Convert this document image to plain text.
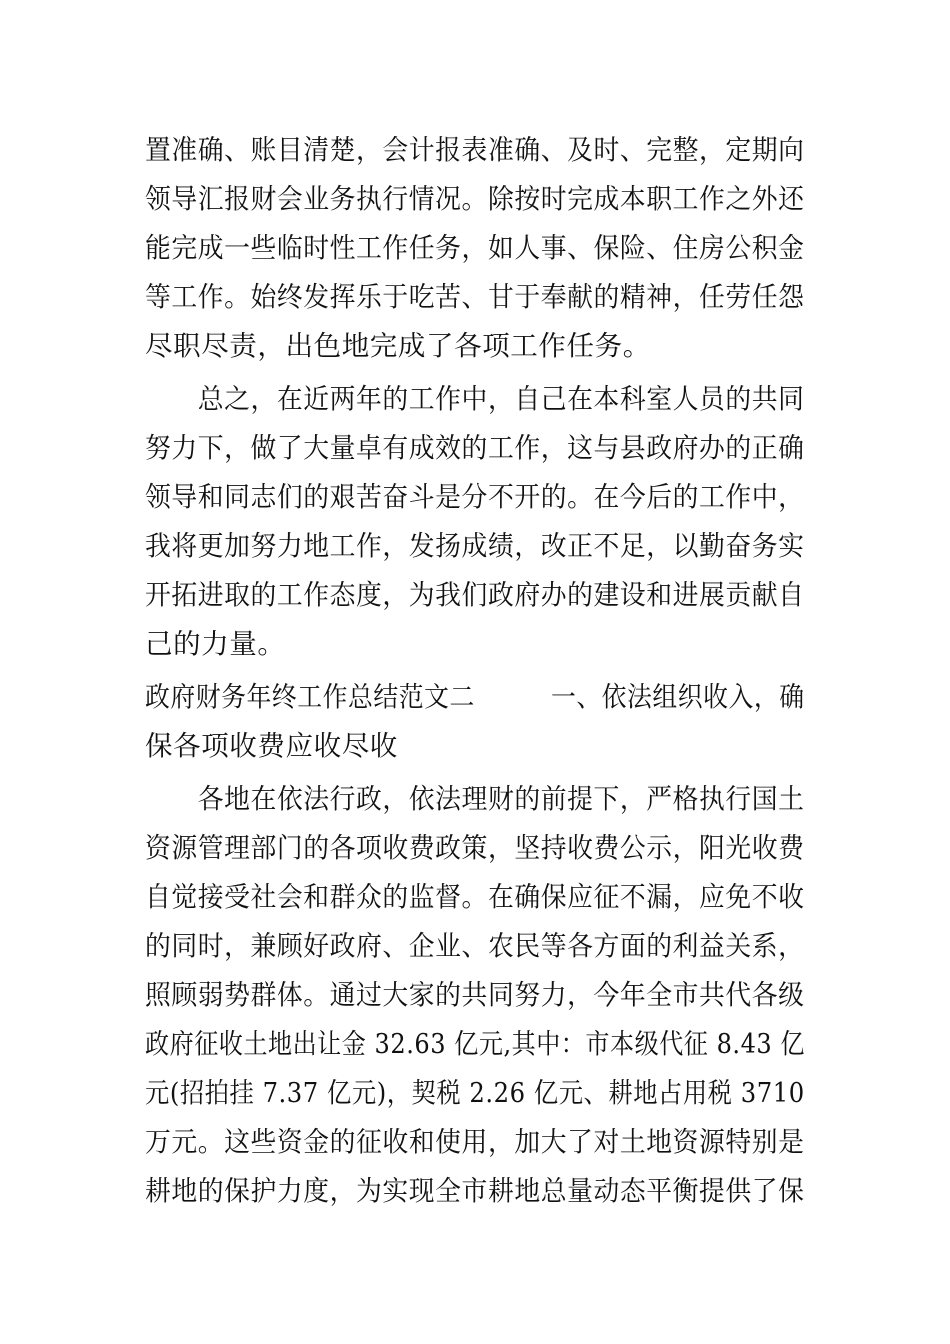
置准确、账目清楚，会计报表准确、及时、完整，定期向
领导汇报财会业务执行情况。除按时完成本职工作之外还
能完成一些临时性工作任务，如人事、保险、住房公积金
等工作。始终发挥乐于吃苦、甘于奉献的精神，任劳任怨
尽职尽责，出色地完成了各项工作任务。
　　总之，在近两年的工作中，自己在本科室人员的共同
努力下，做了大量卓有成效的工作，这与县政府办的正确
领导和同志们的艰苦奋斗是分不开的。在今后的工作中，
我将更加努力地工作，发扬成绩，改正不足，以勤奋务实
开拓进取的工作态度，为我们政府办的建设和进展贡献自
己的力量。
政府财务年终工作总结范文二　　　一、依法组织收入，确
保各项收费应收尽收
　　各地在依法行政，依法理财的前提下，严格执行国土
资源管理部门的各项收费政策，坚持收费公示，阳光收费
自觉接受社会和群众的监督。在确保应征不漏，应免不收
的同时，兼顾好政府、企业、农民等各方面的利益关系，
照顾弱势群体。通过大家的共同努力，今年全市共代各级
政府征收土地出让金 32.63 亿元,其中：市本级代征 8.43 亿
元(招拍挂 7.37 亿元)，契税 2.26 亿元、耕地占用税 3710
万元。这些资金的征收和使用，加大了对土地资源特别是
耕地的保护力度，为实现全市耕地总量动态平衡提供了保
